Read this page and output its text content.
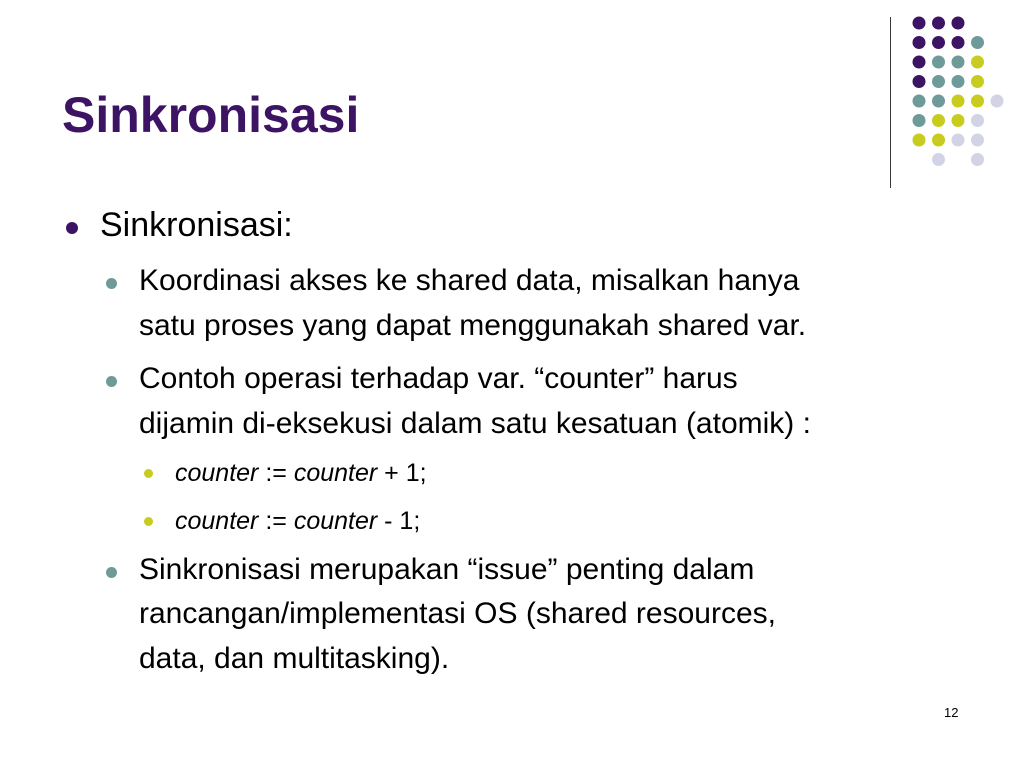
Sinkronisasi
Sinkronisasi:
Koordinasi akses ke shared data, misalkan hanya
satu proses yang dapat menggunakah shared var.
Contoh operasi terhadap var. “counter” harus
dijamin di-eksekusi dalam satu kesatuan (atomik) :
counter := counter + 1;
counter := counter - 1;
Sinkronisasi merupakan “issue” penting dalam
rancangan/implementasi OS (shared resources,
data, dan multitasking).
12
